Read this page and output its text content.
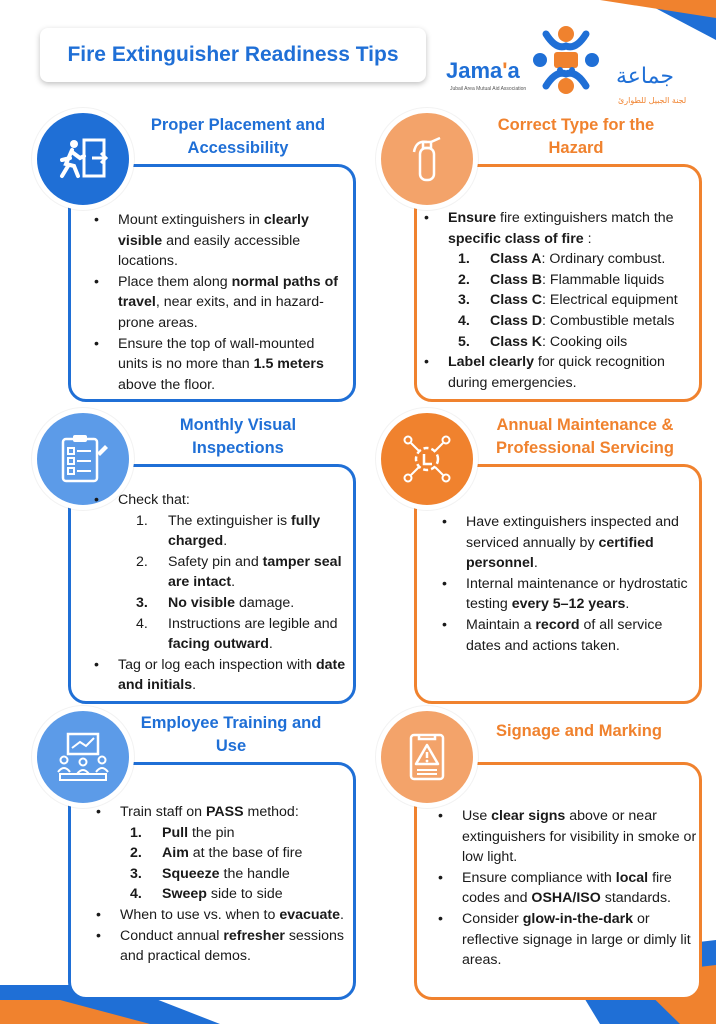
Fire Extinguisher Readiness Tips
Jama'a
Jubail Area Mutual Aid Association	جماعة
لجنة الجبيل للطوارئ
Proper Placement and
Accessibility
• Mount extinguishers in clearly visible and easily accessible locations.
• Place them along normal paths of travel, near exits, and in hazard-prone areas.
• Ensure the top of wall-mounted units is no more than 1.5 meters above the floor.
Correct Type for the
Hazard
• Ensure fire extinguishers match the specific class of fire :
1. Class A: Ordinary combust.
2. Class B: Flammable liquids
3. Class C: Electrical equipment
4. Class D: Combustible metals
5. Class K: Cooking oils
• Label clearly for quick recognition during emergencies.
Monthly Visual
Inspections
• Check that:
1. The extinguisher is fully charged.
2. Safety pin and tamper seal are intact.
3. No visible damage.
4. Instructions are legible and facing outward.
• Tag or log each inspection with date and initials.
Annual Maintenance &
Professional Servicing
• Have extinguishers inspected and serviced annually by certified personnel.
• Internal maintenance or hydrostatic testing every 5–12 years.
• Maintain a record of all service dates and actions taken.
Employee Training and
Use
• Train staff on PASS method:
1. Pull the pin
2. Aim at the base of fire
3. Squeeze the handle
4. Sweep side to side
• When to use vs. when to evacuate.
• Conduct annual refresher sessions and practical demos.
Signage and Marking
• Use clear signs above or near extinguishers for visibility in smoke or low light.
• Ensure compliance with local fire codes and OSHA/ISO standards.
• Consider glow-in-the-dark or reflective signage in large or dimly lit areas.
